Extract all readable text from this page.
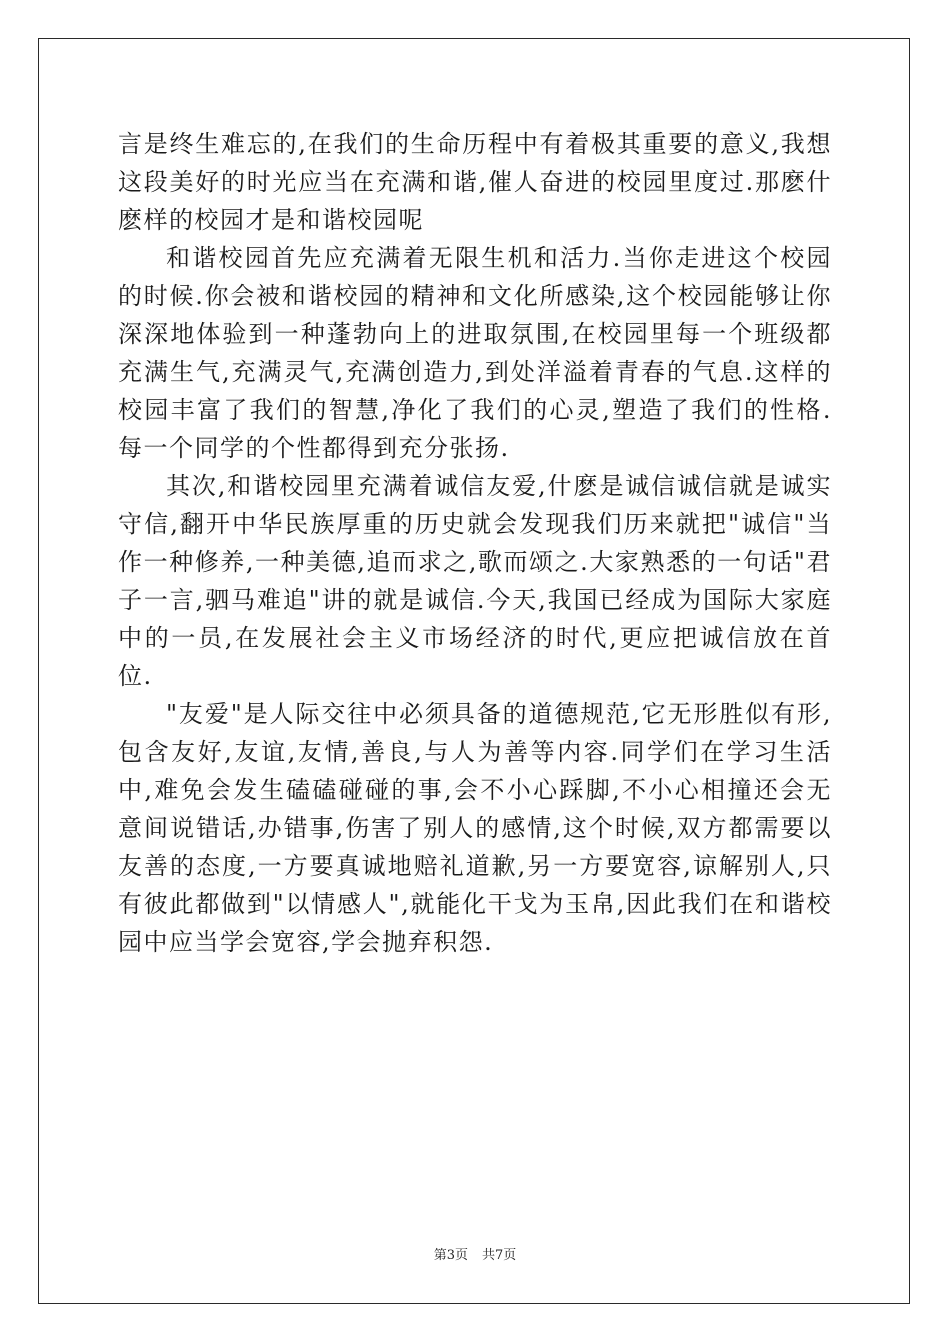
言是终生难忘的,在我们的生命历程中有着极其重要的意义,我想这段美好的时光应当在充满和谐,催人奋进的校园里度过.那麽什麽样的校园才是和谐校园呢

和谐校园首先应充满着无限生机和活力.当你走进这个校园的时候.你会被和谐校园的精神和文化所感染,这个校园能够让你深深地体验到一种蓬勃向上的进取氛围,在校园里每一个班级都充满生气,充满灵气,充满创造力,到处洋溢着青春的气息.这样的校园丰富了我们的智慧,净化了我们的心灵,塑造了我们的性格.每一个同学的个性都得到充分张扬.

其次,和谐校园里充满着诚信友爱,什麽是诚信诚信就是诚实守信,翻开中华民族厚重的历史就会发现我们历来就把"诚信"当作一种修养,一种美德,追而求之,歌而颂之.大家熟悉的一句话"君子一言,驷马难追"讲的就是诚信.今天,我国已经成为国际大家庭中的一员,在发展社会主义市场经济的时代,更应把诚信放在首位.

"友爱"是人际交往中必须具备的道德规范,它无形胜似有形,包含友好,友谊,友情,善良,与人为善等内容.同学们在学习生活中,难免会发生磕磕碰碰的事,会不小心踩脚,不小心相撞还会无意间说错话,办错事,伤害了别人的感情,这个时候,双方都需要以友善的态度,一方要真诚地赔礼道歉,另一方要宽容,谅解别人,只有彼此都做到"以情感人",就能化干戈为玉帛,因此我们在和谐校园中应当学会宽容,学会抛弃积怨.

第3页 共7页
